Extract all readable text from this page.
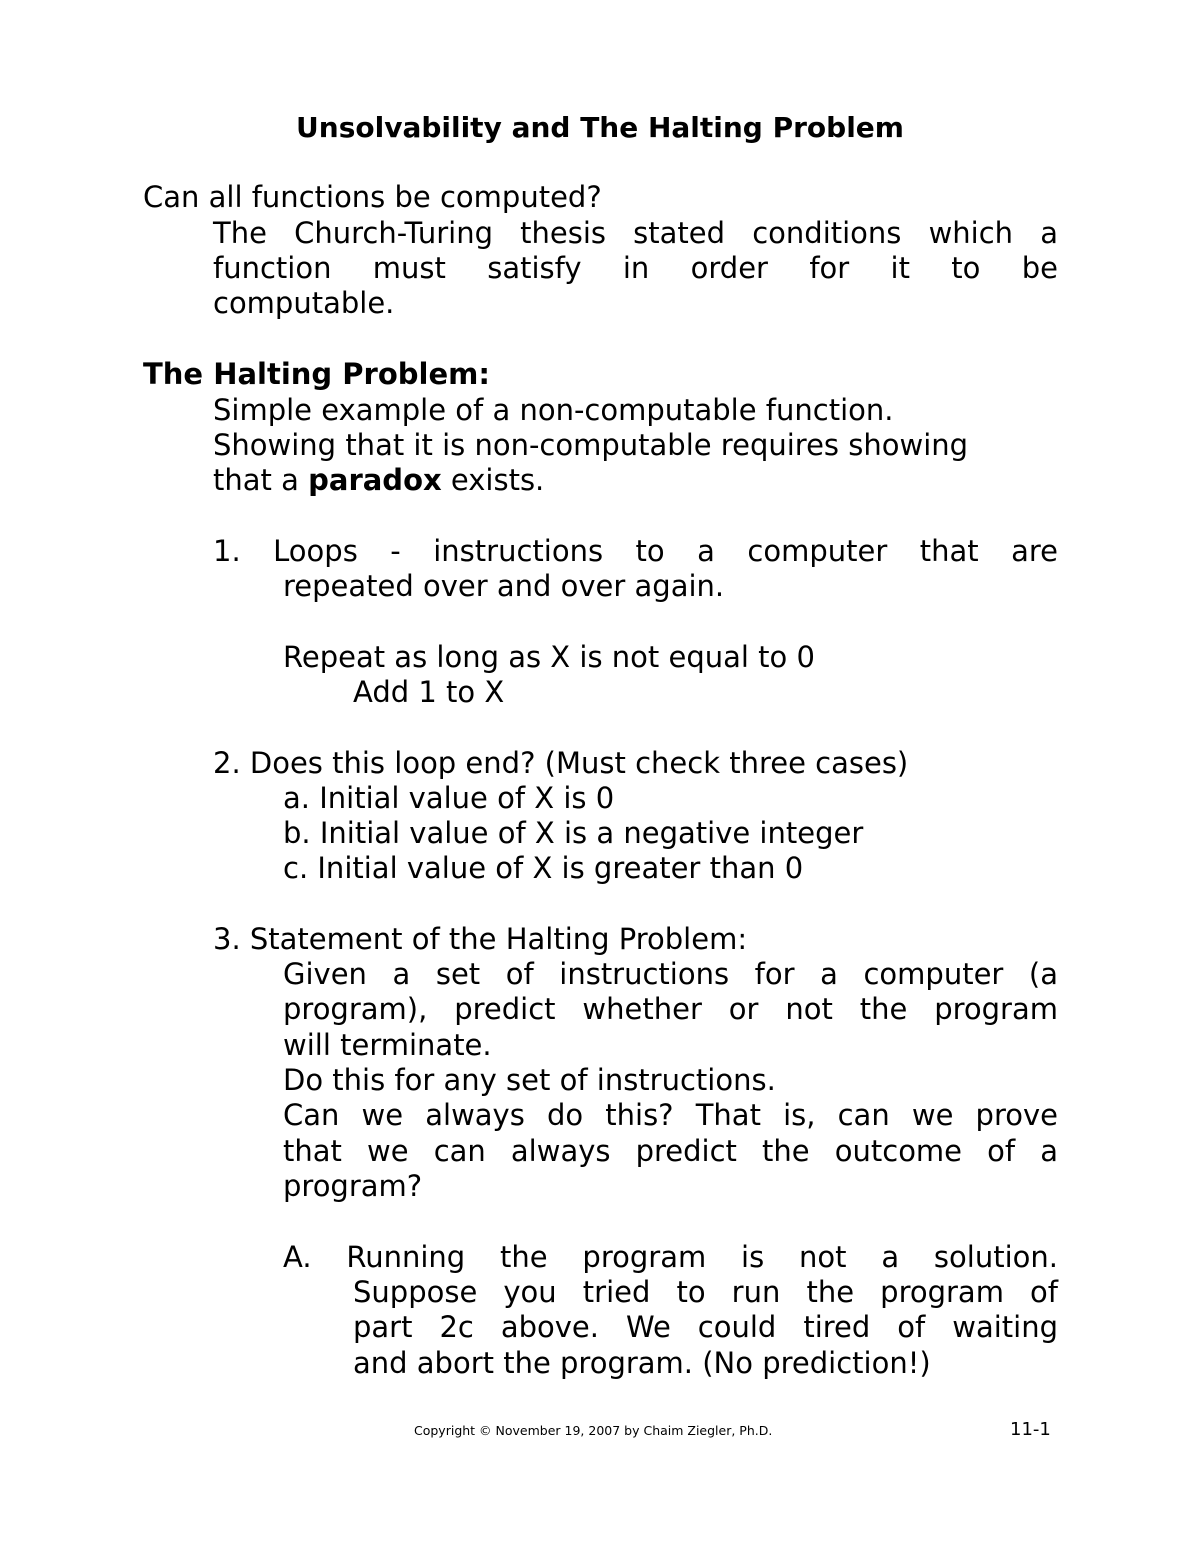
Unsolvability and The Halting Problem
Can all functions be computed?
The Church-Turing thesis stated conditions which a
function must satisfy in order for it to be
computable.
The Halting Problem:
Simple example of a non-computable function.
Showing that it is non-computable requires showing
that a paradox exists.
1. Loops - instructions to a computer that are
repeated over and over again.
Repeat as long as X is not equal to 0
Add 1 to X
2. Does this loop end? (Must check three cases)
a. Initial value of X is 0
b. Initial value of X is a negative integer
c. Initial value of X is greater than 0
3. Statement of the Halting Problem:
Given a set of instructions for a computer (a
program), predict whether or not the program
will terminate.
Do this for any set of instructions.
Can we always do this? That is, can we prove
that we can always predict the outcome of a
program?
A. Running the program is not a solution.
Suppose you tried to run the program of
part 2c above. We could tired of waiting
and abort the program. (No prediction!)
Copyright © November 19, 2007 by Chaim Ziegler, Ph.D.	11-1
